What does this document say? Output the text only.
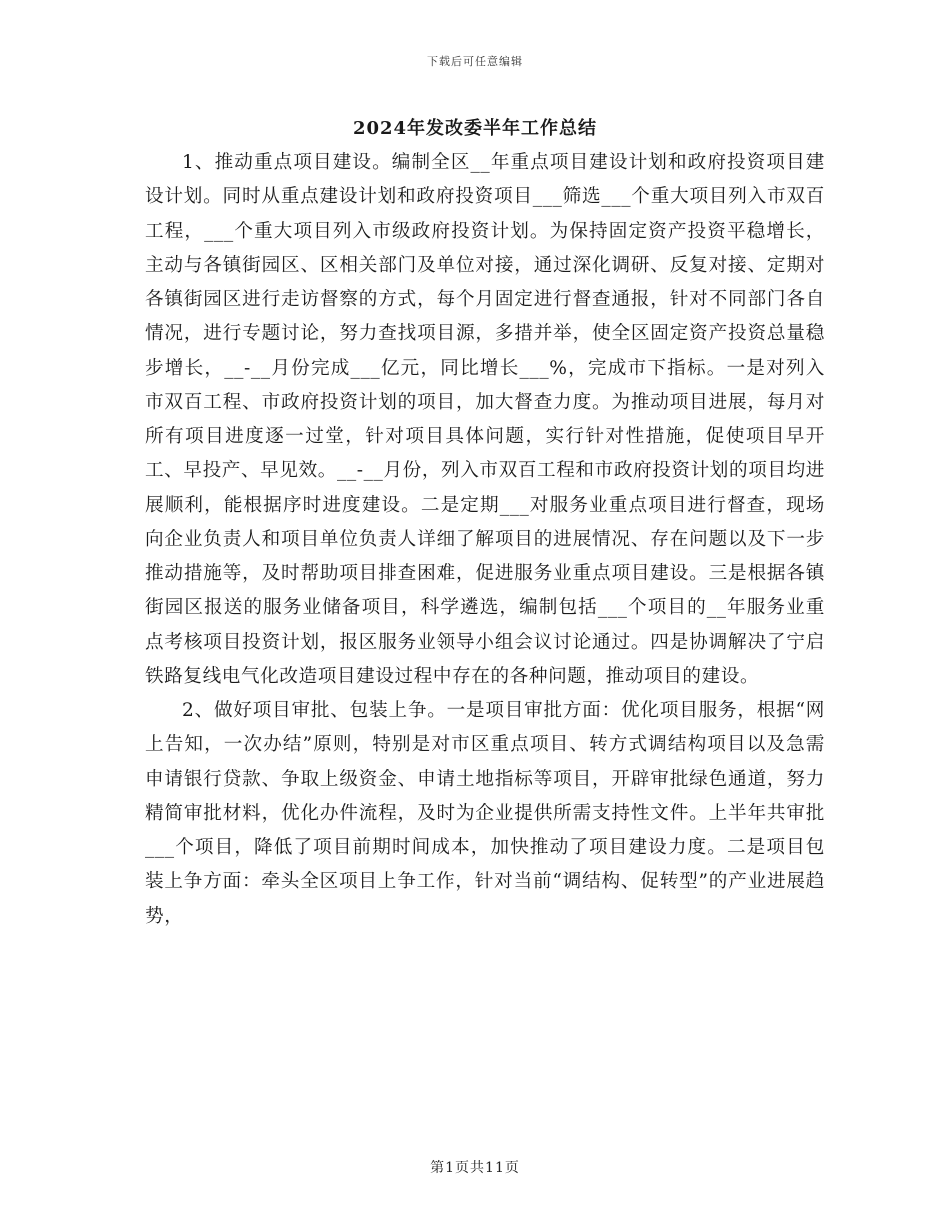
下载后可任意编辑
2024年发改委半年工作总结

1、推动重点项目建设。编制全区__年重点项目建设计划和政府投资项目建设计划。同时从重点建设计划和政府投资项目___筛选___个重大项目列入市双百工程，___个重大项目列入市级政府投资计划。为保持固定资产投资平稳增长，主动与各镇街园区、区相关部门及单位对接，通过深化调研、反复对接、定期对各镇街园区进行走访督察的方式，每个月固定进行督查通报，针对不同部门各自情况，进行专题讨论，努力查找项目源，多措并举，使全区固定资产投资总量稳步增长，__-__月份完成___亿元，同比增长___%，完成市下指标。一是对列入市双百工程、市政府投资计划的项目，加大督查力度。为推动项目进展，每月对所有项目进度逐一过堂，针对项目具体问题，实行针对性措施，促使项目早开工、早投产、早见效。__-__月份，列入市双百工程和市政府投资计划的项目均进展顺利，能根据序时进度建设。二是定期___对服务业重点项目进行督查，现场向企业负责人和项目单位负责人详细了解项目的进展情况、存在问题以及下一步推动措施等，及时帮助项目排查困难，促进服务业重点项目建设。三是根据各镇街园区报送的服务业储备项目，科学遴选，编制包括___个项目的__年服务业重点考核项目投资计划，报区服务业领导小组会议讨论通过。四是协调解决了宁启铁路复线电气化改造项目建设过程中存在的各种问题，推动项目的建设。

2、做好项目审批、包装上争。一是项目审批方面：优化项目服务，根据“网上告知，一次办结”原则，特别是对市区重点项目、转方式调结构项目以及急需申请银行贷款、争取上级资金、申请土地指标等项目，开辟审批绿色通道，努力精简审批材料，优化办件流程，及时为企业提供所需支持性文件。上半年共审批___个项目，降低了项目前期时间成本，加快推动了项目建设力度。二是项目包装上争方面：牵头全区项目上争工作，针对当前“调结构、促转型”的产业进展趋势，

第1页共11页
